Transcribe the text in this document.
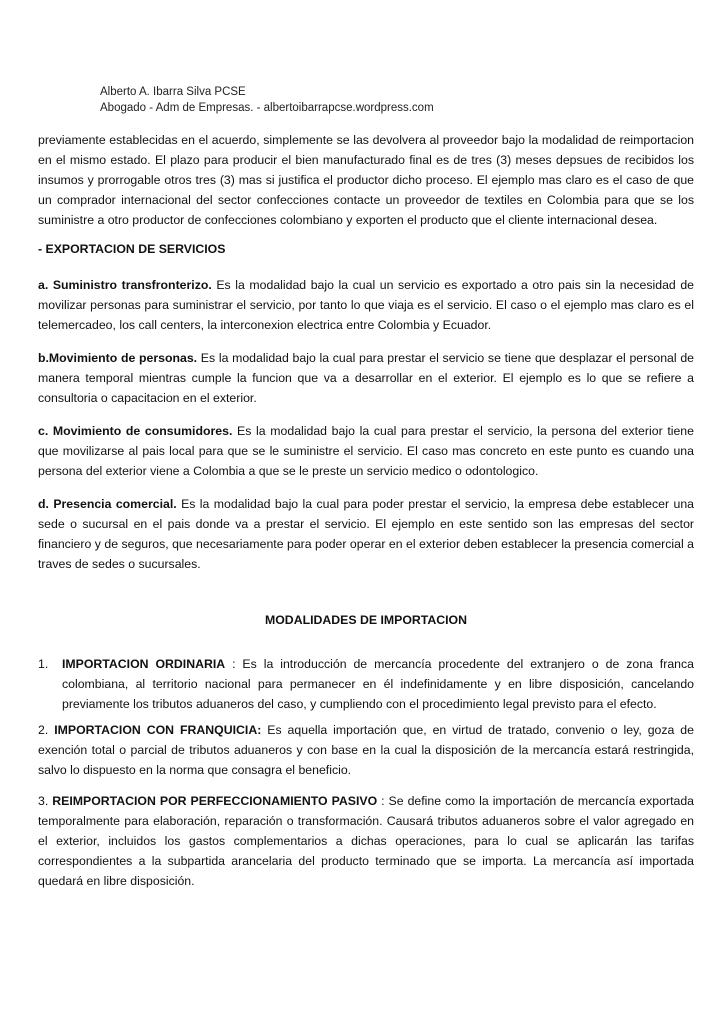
Alberto A. Ibarra Silva PCSE
Abogado - Adm de Empresas. - albertoibarrapcse.wordpress.com

previamente establecidas en el acuerdo, simplemente se las devolvera al proveedor bajo la modalidad de reimportacion en el mismo estado. El plazo para producir el bien manufacturado final es de tres (3) meses depsues de recibidos los insumos y prorrogable otros tres (3) mas si justifica el productor dicho proceso. El ejemplo mas claro es el caso de que un comprador internacional del sector confecciones contacte un proveedor de textiles en Colombia para que se los suministre a otro productor de confecciones colombiano y exporten el producto que el cliente internacional desea.

- EXPORTACION DE SERVICIOS

a. Suministro transfronterizo. Es la modalidad bajo la cual un servicio es exportado a otro pais sin la necesidad de movilizar personas para suministrar el servicio, por tanto lo que viaja es el servicio. El caso o el ejemplo mas claro es el telemercadeo, los call centers, la interconexion electrica entre Colombia y Ecuador.

b.Movimiento de personas. Es la modalidad bajo la cual para prestar el servicio se tiene que desplazar el personal de manera temporal mientras cumple la funcion que va a desarrollar en el exterior. El ejemplo es lo que se refiere a consultoria o capacitacion en el exterior.

c. Movimiento de consumidores. Es la modalidad bajo la cual para prestar el servicio, la persona del exterior tiene que movilizarse al pais local para que se le suministre el servicio. El caso mas concreto en este punto es cuando una persona del exterior viene a Colombia a que se le preste un servicio medico o odontologico.

d. Presencia comercial. Es la modalidad bajo la cual para poder prestar el servicio, la empresa debe establecer una sede o sucursal en el pais donde va a prestar el servicio. El ejemplo en este sentido son las empresas del sector financiero y de seguros, que necesariamente para poder operar en el exterior deben establecer la presencia comercial a traves de sedes o sucursales.

MODALIDADES DE IMPORTACION

1. IMPORTACION ORDINARIA : Es la introducción de mercancía procedente del extranjero o de zona franca colombiana, al territorio nacional para permanecer en él indefinidamente y en libre disposición, cancelando previamente los tributos aduaneros del caso, y cumpliendo con el procedimiento legal previsto para el efecto.

2. IMPORTACION CON FRANQUICIA: Es aquella importación que, en virtud de tratado, convenio o ley, goza de exención total o parcial de tributos aduaneros y con base en la cual la disposición de la mercancía estará restringida, salvo lo dispuesto en la norma que consagra el beneficio.

3. REIMPORTACION POR PERFECCIONAMIENTO PASIVO : Se define como la importación de mercancía exportada temporalmente para elaboración, reparación o transformación. Causará tributos aduaneros sobre el valor agregado en el exterior, incluidos los gastos complementarios a dichas operaciones, para lo cual se aplicarán las tarifas correspondientes a la subpartida arancelaria del producto terminado que se importa. La mercancía así importada quedará en libre disposición.
